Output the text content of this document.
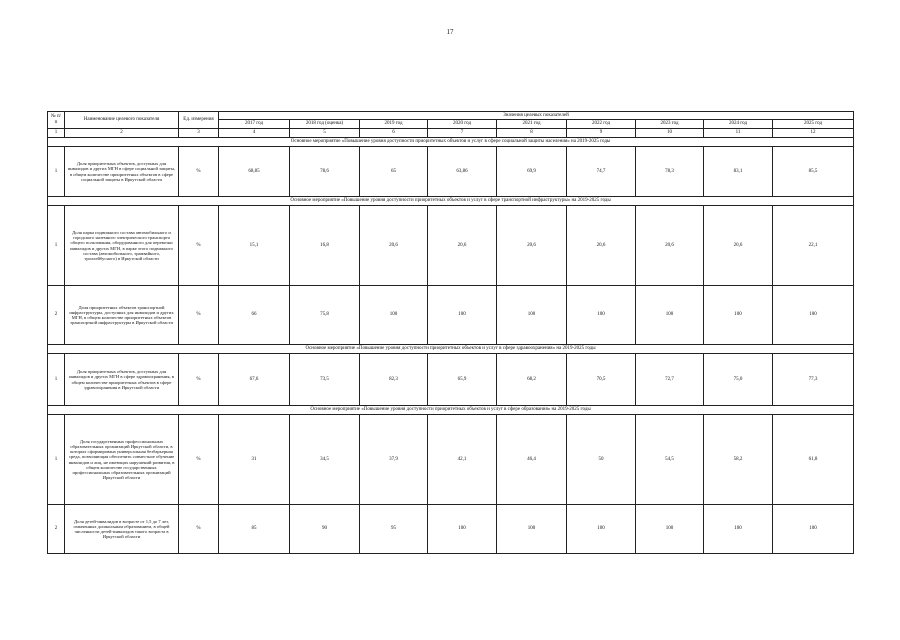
17
№ п/п	Наименование целевого показателя	Ед. измерения	Значения целевых показателей								
			2017 год	2018 год (оценка)	2019 год	2020 год	2021 год	2022 год	2023 год	2024 год	2025 год
1	2	3	4	5	6	7	8	9	10	11	12
Основное мероприятие «Повышение уровня доступности приоритетных объектов и услуг в сфере социальной защиты населения» на 2019-2025 годы											
1	Доля приоритетных объектов, доступных для инвалидов и других МГН в сфере социальной защиты, в общем количестве приоритетных объектов в сфере социальной защиты в Иркутской области	%	68,85	78,6	65	63,86	69,9	74,7	78,3	83,1	85,5
Основное мероприятие «Повышение уровня доступности приоритетных объектов и услуг в сфере транспортной инфраструктуры» на 2019-2025 годы											
1	Доля парка подвижного состава автомобильного и городского наземного электрического транспорта общего пользования, оборудованного для перевозки инвалидов и других МГН, в парке этого подвижного состава (автомобильного, трамвайного, троллейбусного) в Иркутской области	%	15,1	16,8	20,6	20,6	20,6	20,6	20,6	20,6	22,1
2	Доля приоритетных объектов транспортной инфраструктуры, доступных для инвалидов и других МГН, в общем количестве приоритетных объектов транспортной инфраструктуры в Иркутской области	%	66	75,8	100	100	100	100	100	100	100
Основное мероприятие «Повышение уровня доступности приоритетных объектов и услуг в сфере здравоохранения» на 2019-2025 годы											
1	Доля приоритетных объектов, доступных для инвалидов и других МГН в сфере здравоохранения, в общем количестве приоритетных объектов в сфере здравоохранения в Иркутской области	%	67,6	73,5	82,3	65,9	68,2	70,5	72,7	75,0	77,3
Основное мероприятие «Повышение уровня доступности приоритетных объектов и услуг в сфере образования» на 2019-2025 годы											
1	Доля государственных профессиональных образовательных организаций Иркутской области, в которых сформирована универсальная безбарьерная среда, позволяющая обеспечить совместное обучение инвалидов и лиц, не имеющих нарушений развития, в общем количестве государственных профессиональных образовательных организаций Иркутской области	%	31	34,5	37,9	42,1	46,4	50	54,5	58,2	61,8
2	Доля детей-инвалидов в возрасте от 1,5 до 7 лет, охваченных дошкольным образованием, в общей численности детей-инвалидов такого возраста в Иркутской области	%	85	90	95	100	100	100	100	100	100
